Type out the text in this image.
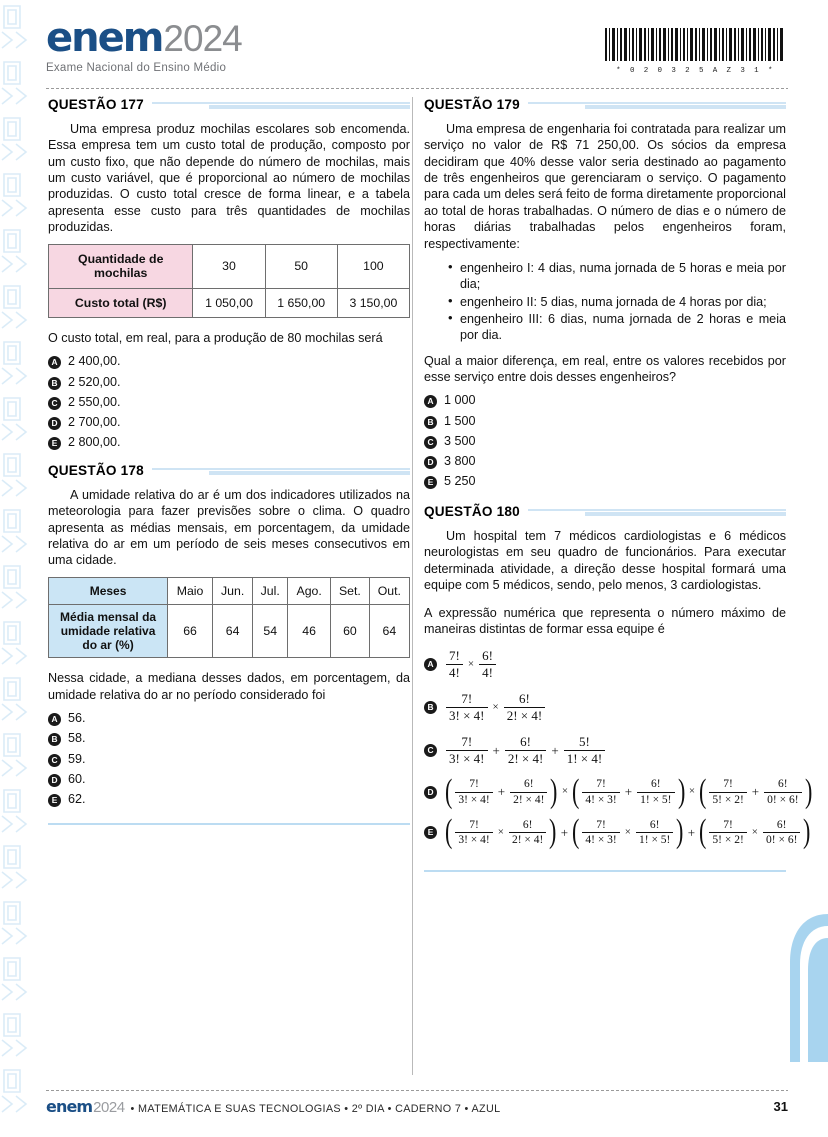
enem 2024
Exame Nacional do Ensino Médio	* 0 2 0 3 2 5 A Z 3 1 *
QUESTÃO 177

Uma empresa produz mochilas escolares sob encomenda. Essa empresa tem um custo total de produção, composto por um custo fixo, que não depende do número de mochilas, mais um custo variável, que é proporcional ao número de mochilas produzidas. O custo total cresce de forma linear, e a tabela apresenta esse custo para três quantidades de mochilas produzidas.

Quantidade de mochilas	30	50	100
Custo total (R$)	1 050,00	1 650,00	3 150,00

O custo total, em real, para a produção de 80 mochilas será

A 2 400,00.
B 2 520,00.
C 2 550,00.
D 2 700,00.
E 2 800,00.
QUESTÃO 178

A umidade relativa do ar é um dos indicadores utilizados na meteorologia para fazer previsões sobre o clima. O quadro apresenta as médias mensais, em porcentagem, da umidade relativa do ar em um período de seis meses consecutivos em uma cidade.

Meses	Maio	Jun.	Jul.	Ago.	Set.	Out.
Média mensal da umidade relativa do ar (%)	66	64	54	46	60	64

Nessa cidade, a mediana desses dados, em porcentagem, da umidade relativa do ar no período considerado foi

A 56.
B 58.
C 59.
D 60.
E 62.
QUESTÃO 179

Uma empresa de engenharia foi contratada para realizar um serviço no valor de R$ 71 250,00. Os sócios da empresa decidiram que 40% desse valor seria destinado ao pagamento de três engenheiros que gerenciaram o serviço. O pagamento para cada um deles será feito de forma diretamente proporcional ao total de horas trabalhadas. O número de dias e o número de horas diárias trabalhadas pelos engenheiros foram, respectivamente:

• engenheiro I: 4 dias, numa jornada de 5 horas e meia por dia;
• engenheiro II: 5 dias, numa jornada de 4 horas por dia;
• engenheiro III: 6 dias, numa jornada de 2 horas e meia por dia.

Qual a maior diferença, em real, entre os valores recebidos por esse serviço entre dois desses engenheiros?

A 1 000
B 1 500
C 3 500
D 3 800
E 5 250
QUESTÃO 180

Um hospital tem 7 médicos cardiologistas e 6 médicos neurologistas em seu quadro de funcionários. Para executar determinada atividade, a direção desse hospital formará uma equipe com 5 médicos, sendo, pelo menos, 3 cardiologistas.

A expressão numérica que representa o número máximo de maneiras distintas de formar essa equipe é

A $\frac{7!}{4!} \times \frac{6!}{4!}$
B $\frac{7!}{3! \times 4!} \times \frac{6!}{2! \times 4!}$
C $\frac{7!}{3! \times 4!} + \frac{6!}{2! \times 4!} + \frac{5!}{1! \times 4!}$
D ( $\frac{7!}{3! \times 4!} + \frac{6!}{2! \times 4!}$ ) × ( $\frac{7!}{4! \times 3!} + \frac{6!}{1! \times 5!}$ ) × ( $\frac{7!}{5! \times 2!} + \frac{6!}{0! \times 6!}$ )
E ( $\frac{7!}{3! \times 4!} \times \frac{6!}{2! \times 4!}$ ) + ( $\frac{7!}{4! \times 3!} \times \frac{6!}{1! \times 5!}$ ) + ( $\frac{7!}{5! \times 2!} \times \frac{6!}{0! \times 6!}$ )
enem 2024 • MATEMÁTICA E SUAS TECNOLOGIAS • 2º DIA • CADERNO 7 • AZUL	31
